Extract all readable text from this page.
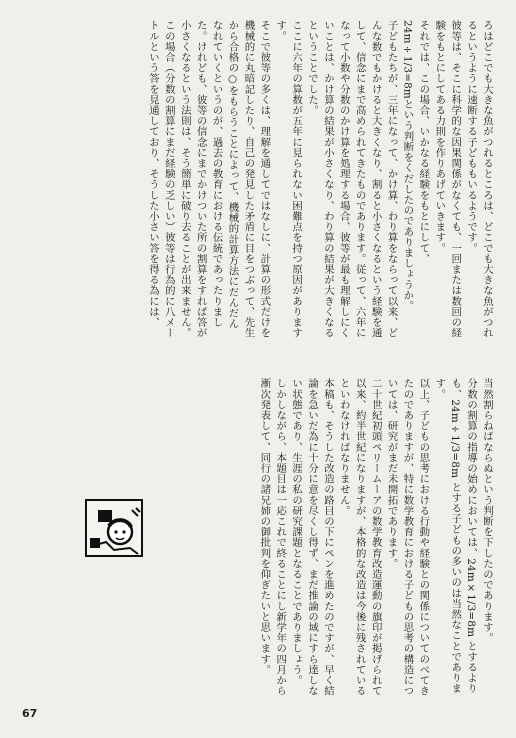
ろはどこでも大きな魚がつれるところは、どこでも大きな魚がつれるというように速断する子どももいるようです。

彼等は、そこに科学的な因果関係がなくても、一回または数回の経験をもとにしてある力則を作りあげていきます。

それでは、この場合、いかなる経験をもとにして、24m÷1/3=8mという判断をくだしたのでありましょうか。

子どもたちが、三年になって、かけ算、わり算をならって以来、どんな数でもかけると大きくなり、割ると小さくなるという経験を通して、信念にまで高められてきたものであります。従って、六年になって小数や分数のかけ算を処理する場合、彼等が最も理解しにくいことは、かけ算の結果が小さくなり、わり算の結果が大きくなるということでした。

ここに六年の算数が五年に見られない困難点を持つ原因がありますす。

そこで彼等の多くは、理解を通してではなしに、計算の形式だけを機械的に丸暗記したり、自己の発見した矛盾に目をつぶって、先生から合格の○をもらうことによって、機械的計算方法にだんだんなれていくというのが、過去の教育における伝統であったりました。けれども、彼等の信念にまでかけついた所の割算をすれば答が小さくなるという法則は、そう簡単に破り去ることが出来ません。

この場合（分数の割算にまだ経験の乏しい）彼等は行為的に八メートルという答を見通しており、そうした小さい答を得る為には、

当然割らねばならぬという判断を下したのであります。

分数の割算の指導の始めにおいては、24m×1/3=8m とするよりも、24m÷1/3=8m とする子どもの多いのは当然なことであります。

以上、子どもの思考における行動や経験との関係についてのべてきたのでありますが、特に数学教育における子どもの思考の構造については、研究がまだ未開拓であります。

二十世紀初頭ペリームーアの数学教育改造運動の旗印が掲げられて以来、約半世紀になりますが、本格的な改造は今後に残されているといわなければなりません。

本稿も、そうした改造の路目の下にペンを進めたのですが、早く結論を急いだ為に十分に意を尽くし得ず、まだ推論の域にすら達しない状態であり、生涯の私の研究課題となることでありましょう。

しかしながら、本題目は一応これで終ることにし新学年の四月から漸次発表して、同行の諸兄姉の御批判を仰ぎたいと思います。

67
